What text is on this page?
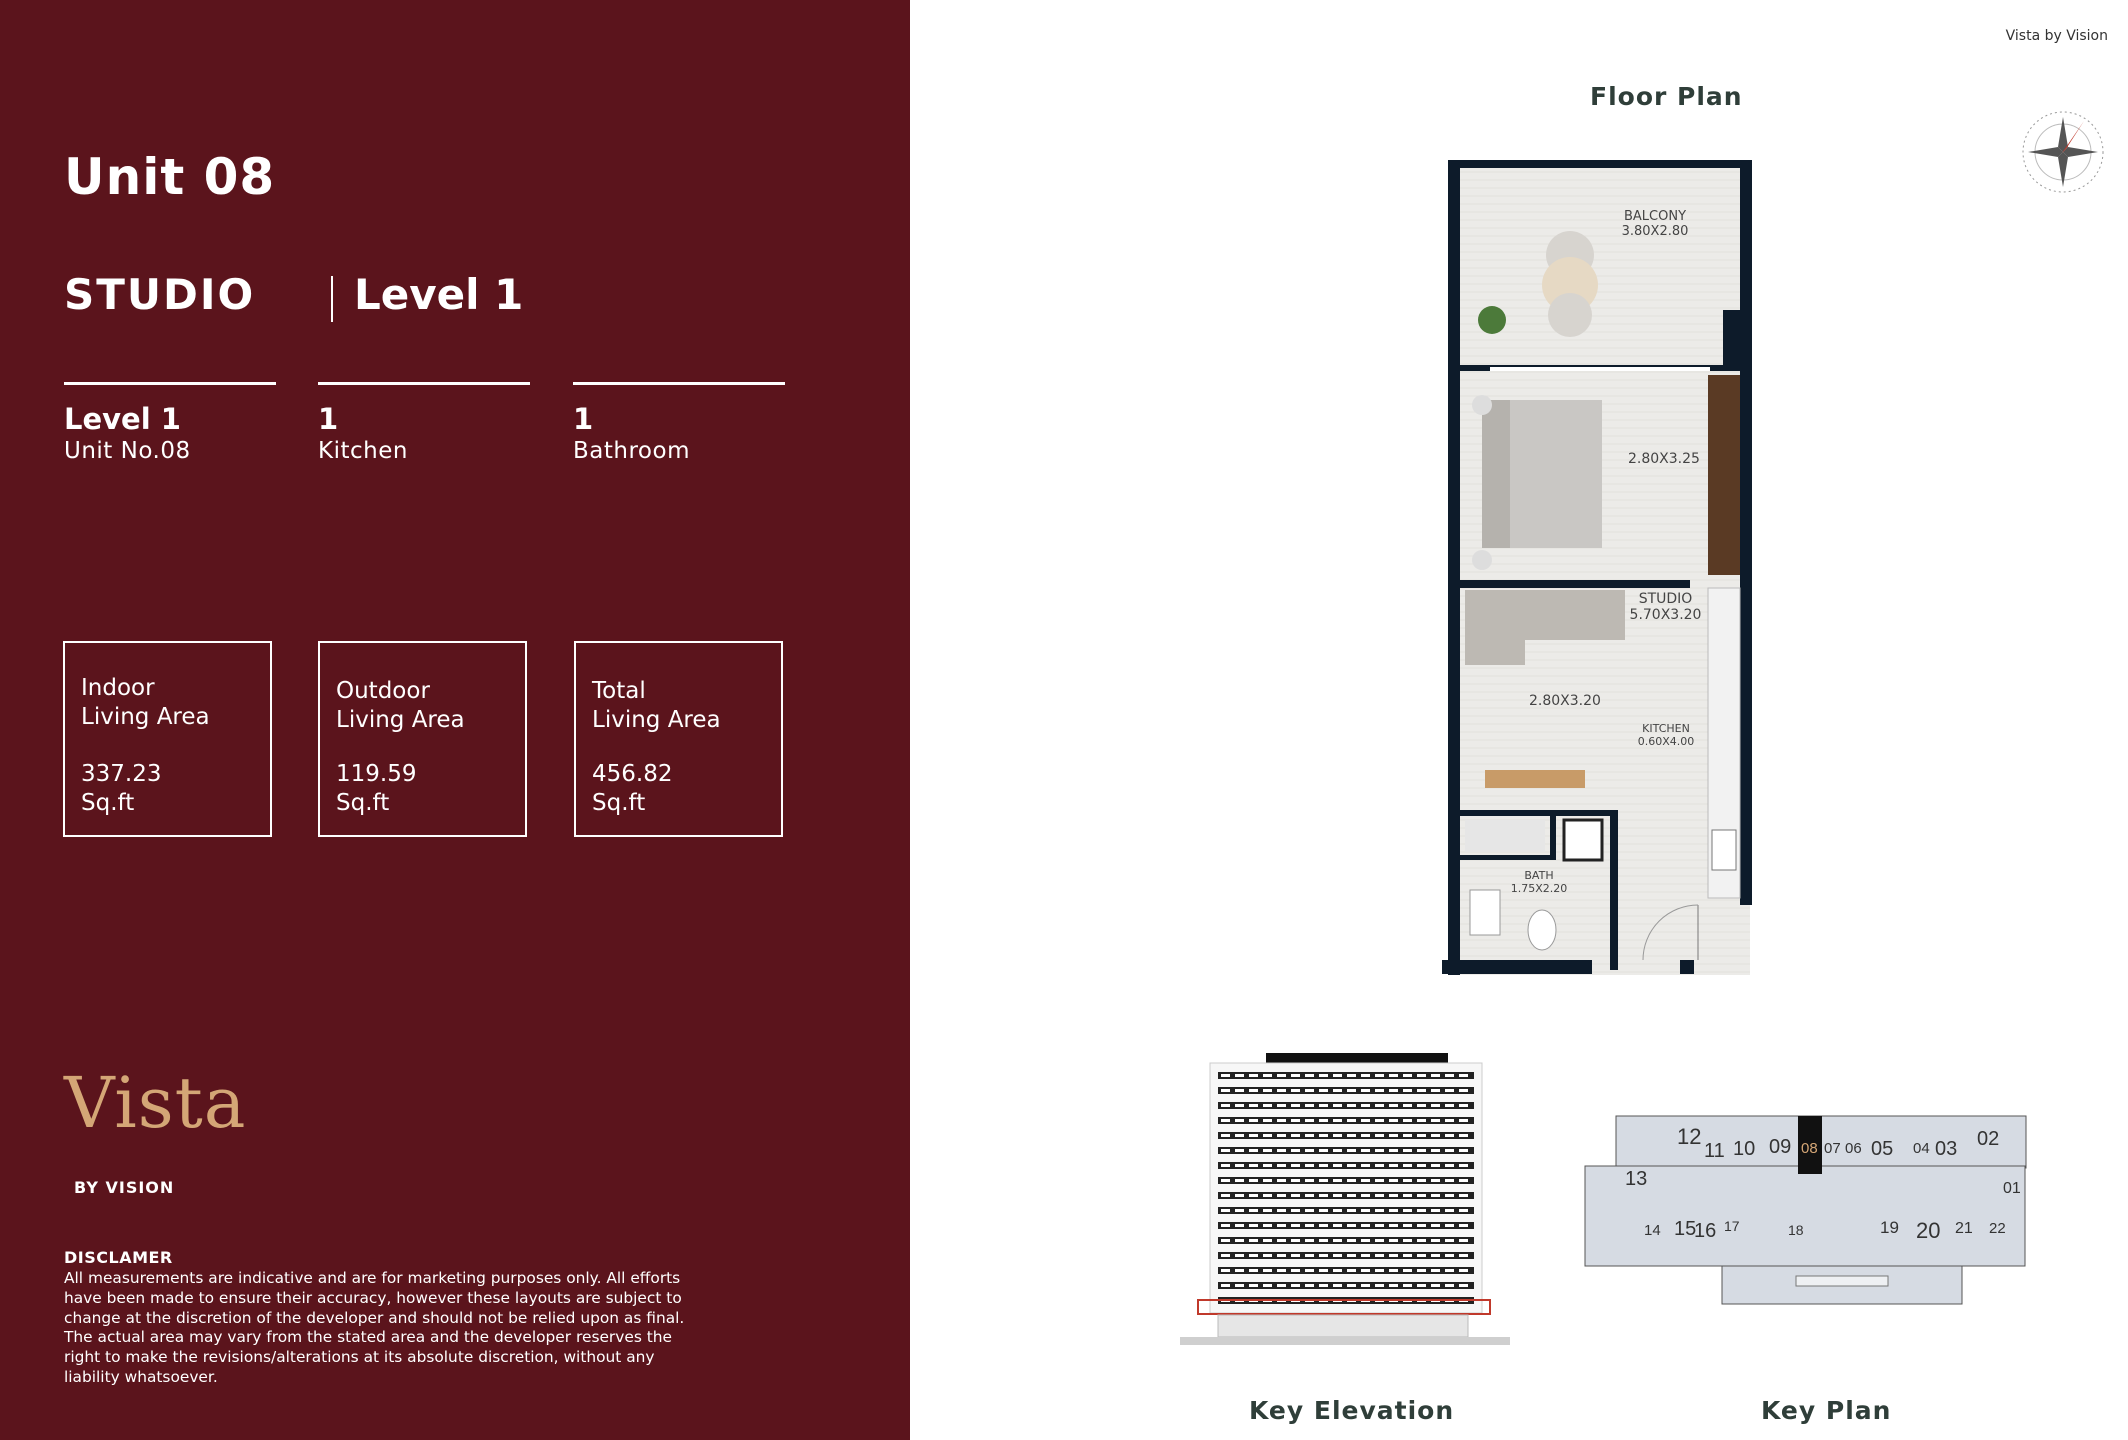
Unit 08
STUDIO Level 1
Level 1
Unit No.08
1
Kitchen
1
Bathroom
Indoor
Living Area
337.23
Sq.ft
Outdoor
Living Area
119.59
Sq.ft
Total
Living Area
456.82
Sq.ft
Vista
BY VISION
DISCLAMER
All measurements are indicative and are for marketing purposes only. All efforts
have been made to ensure their accuracy, however these layouts are subject to
change at the discretion of the developer and should not be relied upon as final.
The actual area may vary from the stated area and the developer reserves the
right to make the revisions/alterations at its absolute discretion, without any
liability whatsoever.
Vista by Vision
Floor Plan
BALCONY
3.80X2.80
2.80X3.25
STUDIO
5.70X3.20
2.80X3.20
KITCHEN
0.60X4.00
BATH
1.75X2.20
Key Elevation
12
11 10 09 08 07 06 05 04 03 02
13	01
14 15
16 17	18	19 20 21 22
Key Plan
